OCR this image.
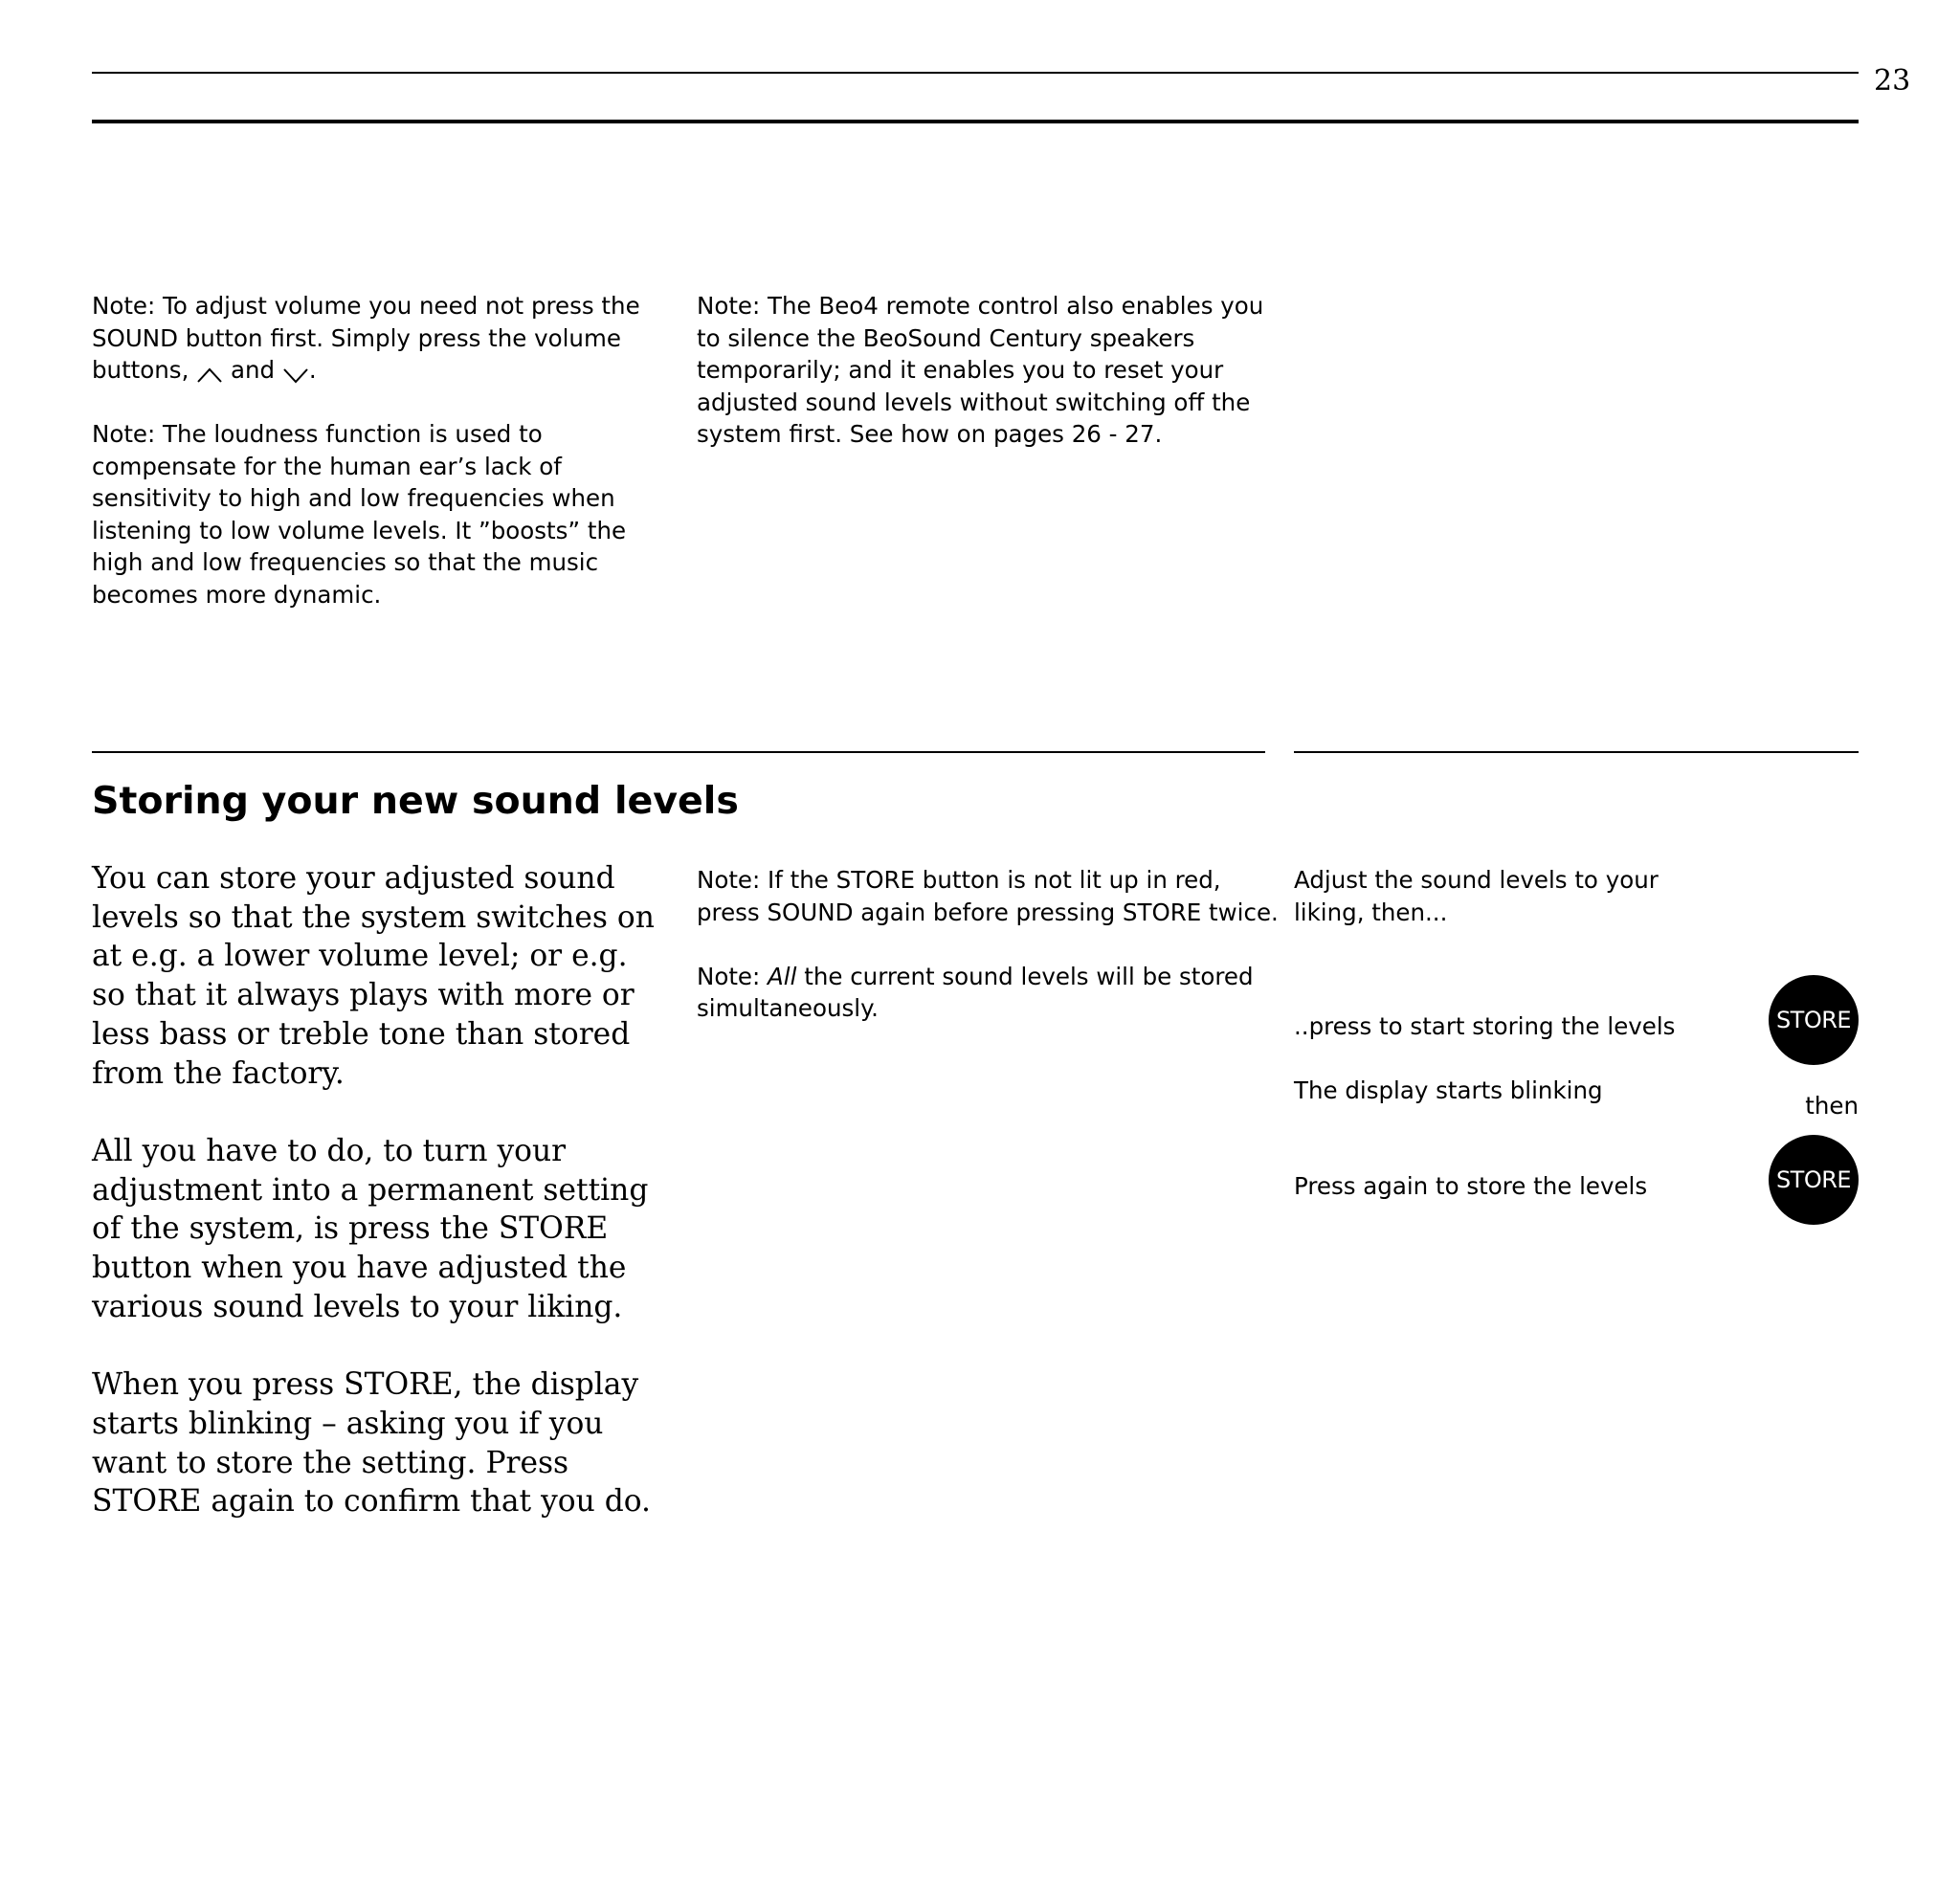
23

Note: To adjust volume you need not press the SOUND button first. Simply press the volume buttons,  and .

Note: The loudness function is used to compensate for the human ear’s lack of sensitivity to high and low frequencies when listening to low volume levels. It ”boosts” the high and low frequencies so that the music becomes more dynamic.

Note: The Beo4 remote control also enables you to silence the BeoSound Century speakers temporarily; and it enables you to reset your adjusted sound levels without switching off the system first. See how on pages 26 - 27.

Storing your new sound levels

You can store your adjusted sound levels so that the system switches on at e.g. a lower volume level; or e.g. so that it always plays with more or less bass or treble tone than stored from the factory.

All you have to do, to turn your adjustment into a permanent setting of the system, is press the STORE button when you have adjusted the various sound levels to your liking.

When you press STORE, the display starts blinking – asking you if you want to store the setting. Press STORE again to confirm that you do.

Note: If the STORE button is not lit up in red, press SOUND again before pressing STORE twice.

Note: All the current sound levels will be stored simultaneously.

Adjust the sound levels to your
liking, then...
..press to start storing the levels	STORE
The display starts blinking
then
Press again to store the levels	STORE
